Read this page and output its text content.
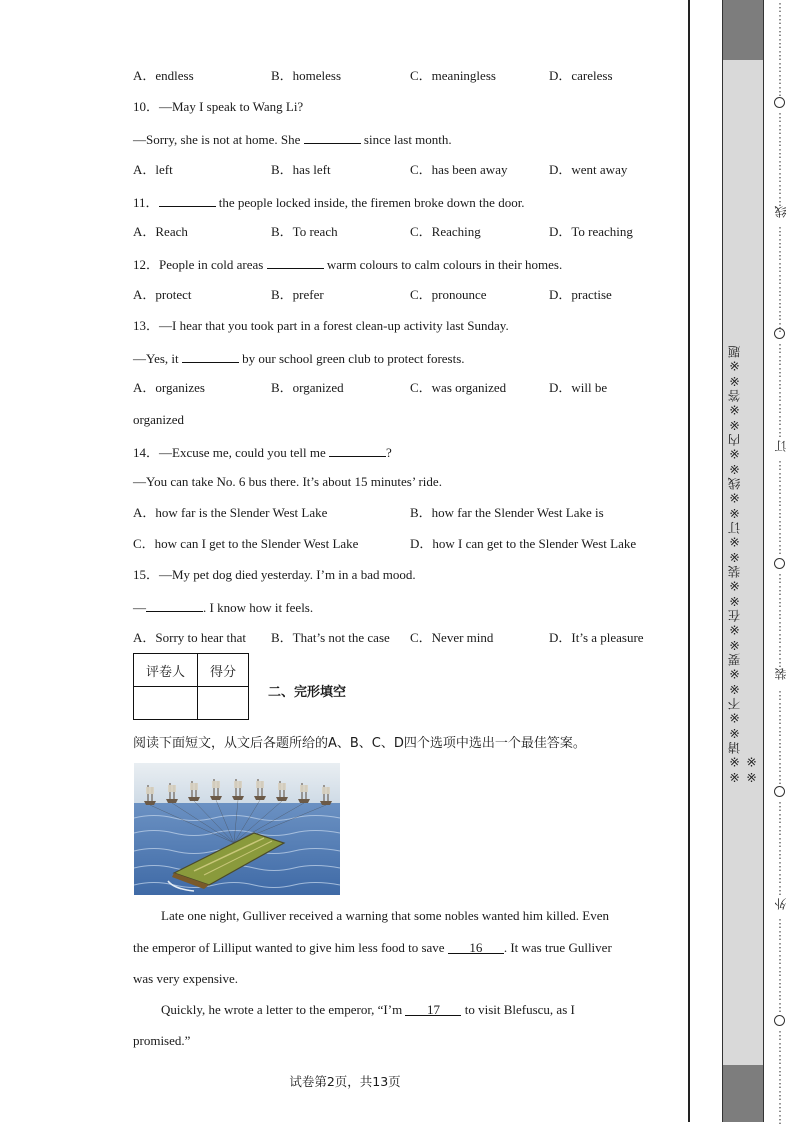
A．endless	B．homeless	C．meaningless	D．careless
10．—May I speak to Wang Li?
—Sorry, she is not at home. She	since last month.
A．left	B．has left	C．has been away	D．went away
11．	the people locked inside, the firemen broke down the door.
A．Reach	B．To reach	C．Reaching	D．To reaching
12．People in cold areas	warm colours to calm colours in their homes.
A．protect	B．prefer	C．pronounce	D．practise
13．—I hear that you took part in a forest clean-up activity last Sunday.
—Yes, it	by our school green club to protect forests.
A．organizes	B．organized	C．was organized	D．will be
organized
14．—Excuse me, could you tell me	?
—You can take No. 6 bus there. It’s about 15 minutes’ ride.
A．how far is the Slender West Lake	B．how far the Slender West Lake is
C．how can I get to the Slender West Lake	D．how I can get to the Slender West Lake
15．—My pet dog died yesterday. I’m in a bad mood.
—	. I know how it feels.
A．Sorry to hear that B．That’s not the case C．Never mind	D．It’s a pleasure
评卷人	得分

二、完形填空
阅读下面短文，从文后各题所给的A、B、C、D四个选项中选出一个最佳答案。
Late one night, Gulliver received a warning that some nobles wanted him killed. Even
the emperor of Lilliput wanted to give him less food to save 16 . It was true Gulliver
was very expensive.
Quickly, he wrote a letter to the emperor, “I’m 17 to visit Blefuscu, as I
promised.”
试卷第2页，共13页
※※请※※不※※要※※在※※装※※订※※线※※内※※答※※题※※
⋮⋮⋮⋮⋮⋮⋮⋮
⋮⋮⋮⋮⋮⋮⋮⋮
线
⋮⋮⋮⋮⋮⋮⋮⋮⋮
⋮⋮⋮⋮⋮⋮⋮⋮
订
⋮⋮⋮⋮⋮⋮⋮⋮
⋮⋮⋮⋮⋮⋮⋮⋮
装
⋮⋮⋮⋮⋮⋮⋮⋮
⋮⋮⋮⋮⋮⋮⋮⋮
外
⋮⋮⋮⋮⋮⋮⋮⋮
⋮⋮⋮⋮⋮⋮⋮⋮
